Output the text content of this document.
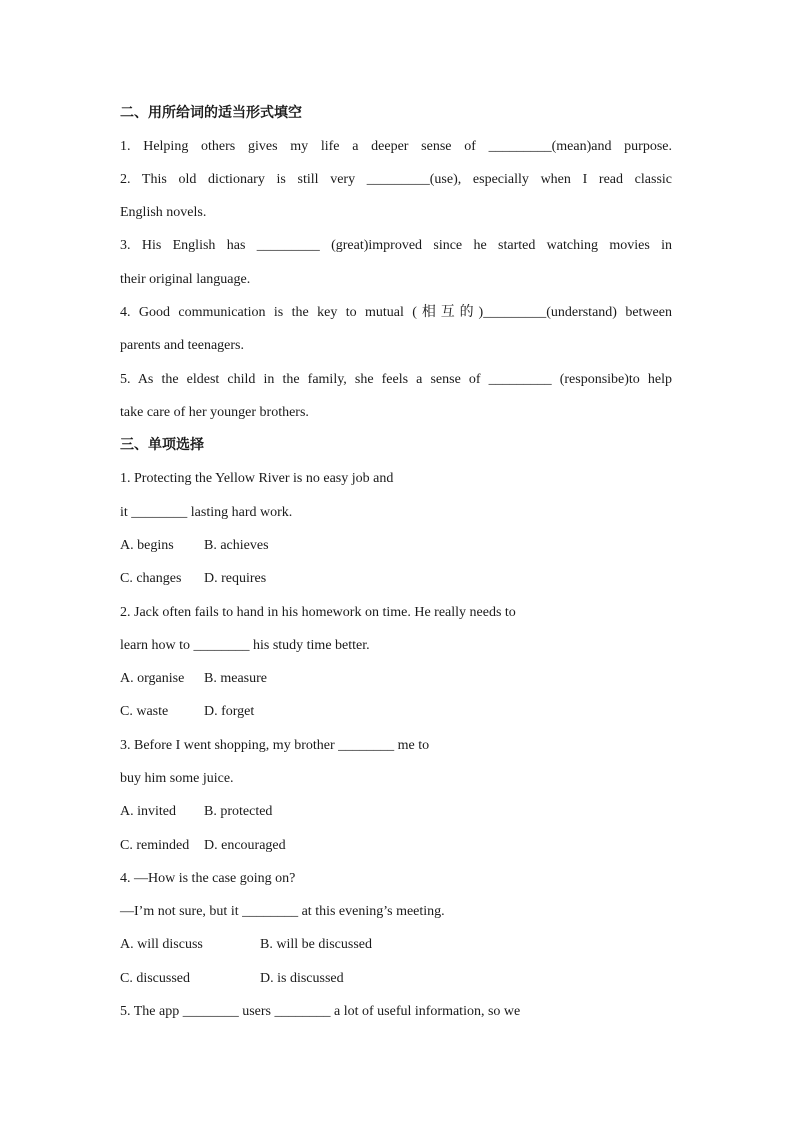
二、用所给词的适当形式填空
1. Helping others gives my life a deeper sense of _________(mean)and purpose.
2. This old dictionary is still very _________(use), especially when I read classic
English novels.
3. His English has _________ (great)improved since he started watching movies in
their original language.
4. Good communication is the key to mutual (相互的)_________(understand) between
parents and teenagers.
5. As the eldest child in the family, she feels a sense of _________ (responsibe)to help
take care of her younger brothers.
三、单项选择
1. Protecting the Yellow River is no easy job and
it ________ lasting hard work.
A. begins B. achieves
C. changes D. requires
2. Jack often fails to hand in his homework on time. He really needs to
learn how to ________ his study time better.
A. organise B. measure
C. waste	D. forget
3. Before I went shopping, my brother ________ me to
buy him some juice.
A. invited B. protected
C. reminded D. encouraged
4. —How is the case going on?
—I’m not sure, but it ________ at this evening’s meeting.
A. will discuss	B. will be discussed
C. discussed	D. is discussed
5. The app ________ users ________ a lot of useful information, so we
